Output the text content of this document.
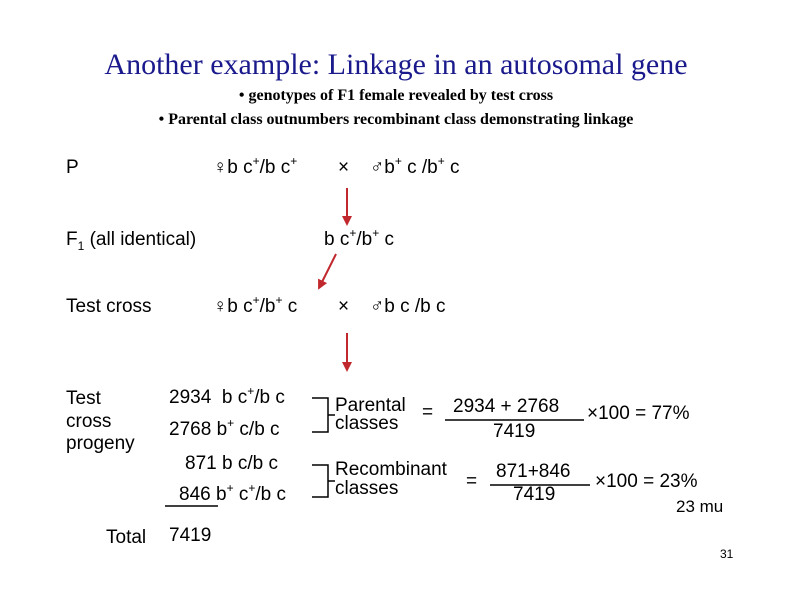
Another example: Linkage in an autosomal gene
• genotypes of F1 female revealed by test cross
• Parental class outnumbers recombinant class demonstrating linkage
P	♀b c+/b c+ × ♂b+ c /b+ c
$F_1$ (all identical)	b c+/b+ c
Test cross	♀b c+/b+ c × ♂b c /b c
Test
cross
progeny
2934 b c+/b c
2768 b+ c/b c
871 b c/b c
846 b+ c+/b c
Parental
classes
= 2934 + 2768
7419
×100 = 77%
Recombinant
classes	= 871+846
7419
×100 = 23%
23 mu
Total 7419
31
